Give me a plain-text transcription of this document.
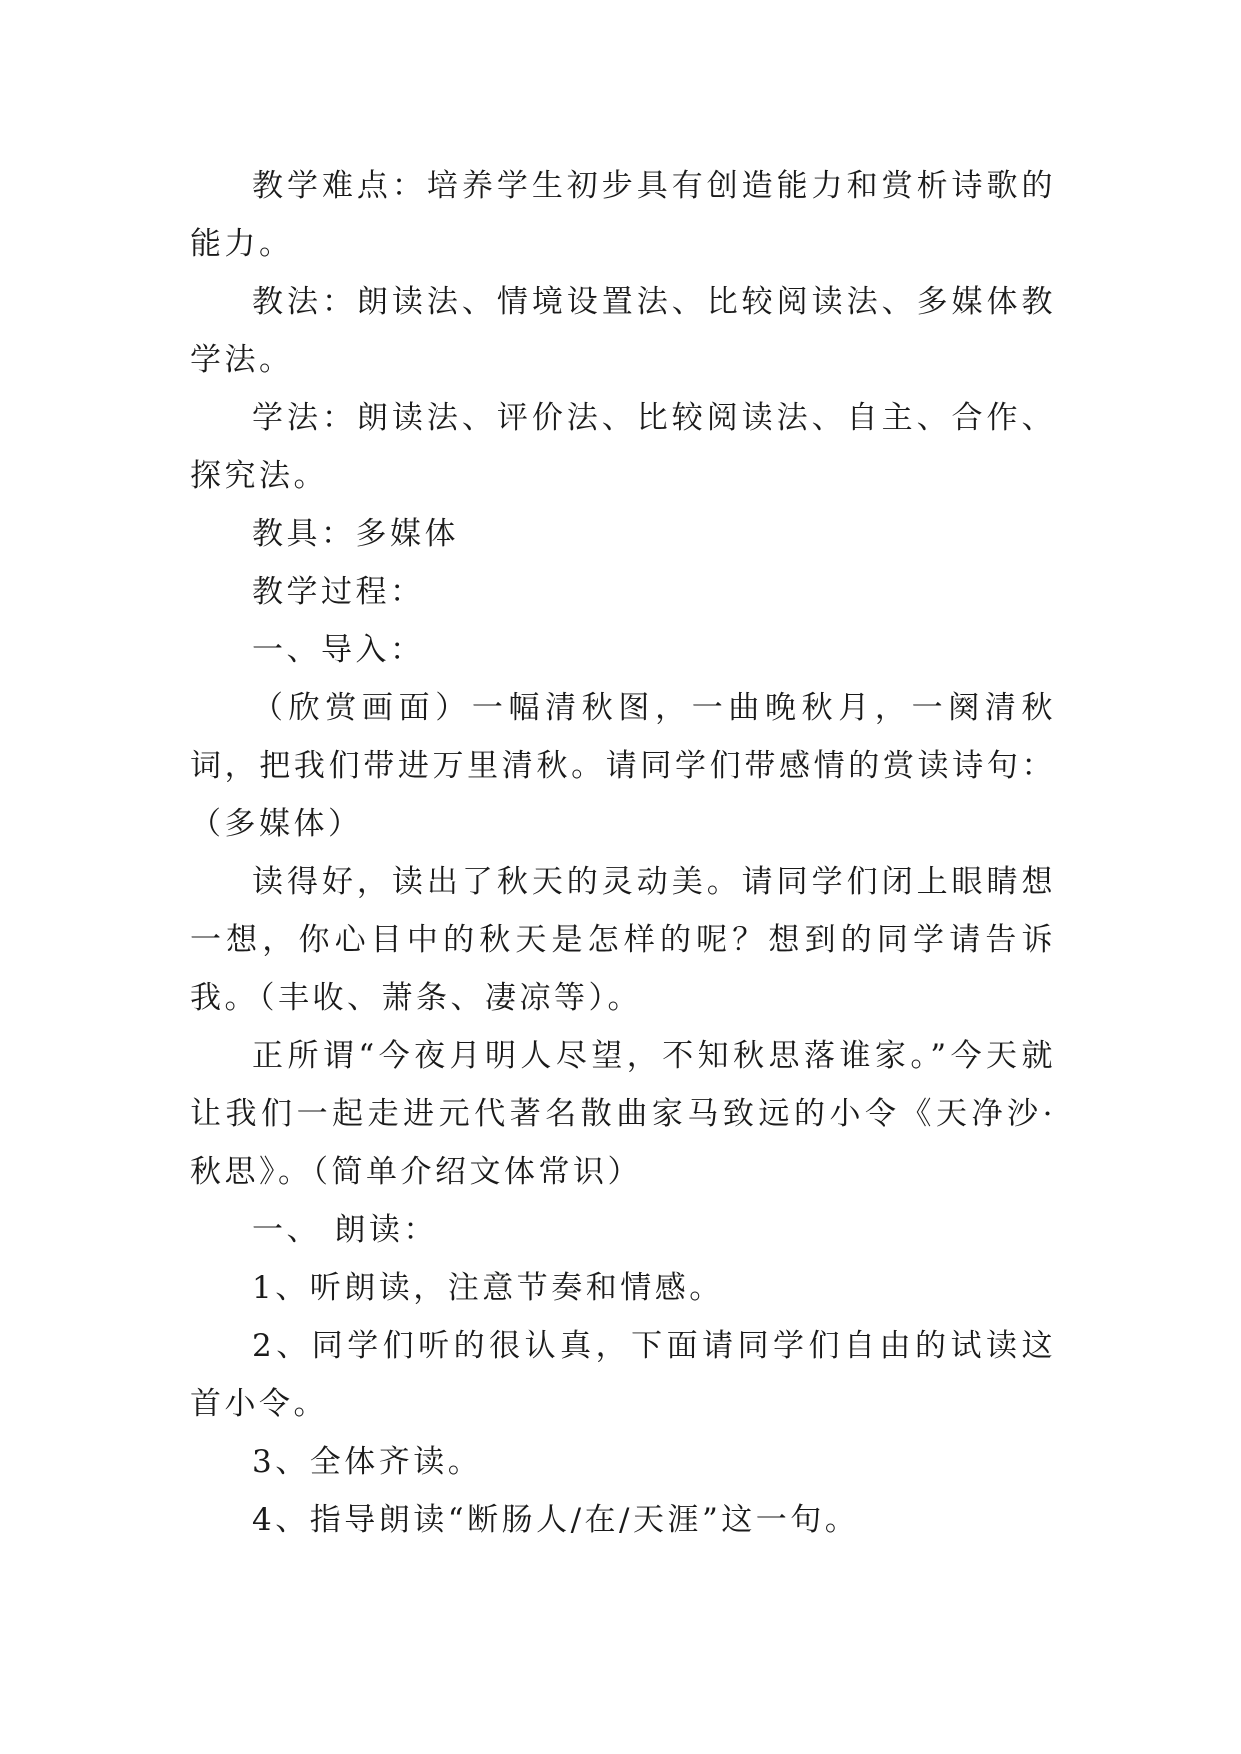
教学难点：培养学生初步具有创造能力和赏析诗歌的能力。

教法：朗读法、情境设置法、比较阅读法、多媒体教学法。

学法：朗读法、评价法、比较阅读法、自主、合作、探究法。

教具：多媒体

教学过程：

一、导入：

（欣赏画面）一幅清秋图，一曲晚秋月，一阕清秋词，把我们带进万里清秋。请同学们带感情的赏读诗句：（多媒体）

读得好，读出了秋天的灵动美。请同学们闭上眼睛想一想，你心目中的秋天是怎样的呢？想到的同学请告诉我。（丰收、萧条、凄凉等）。

正所谓“今夜月明人尽望，不知秋思落谁家。”今天就让我们一起走进元代著名散曲家马致远的小令《天净沙·秋思》。（简单介绍文体常识）

一、 朗读：

1、听朗读，注意节奏和情感。

2、同学们听的很认真，下面请同学们自由的试读这首小令。

3、全体齐读。

4、指导朗读“断肠人/在/天涯”这一句。
